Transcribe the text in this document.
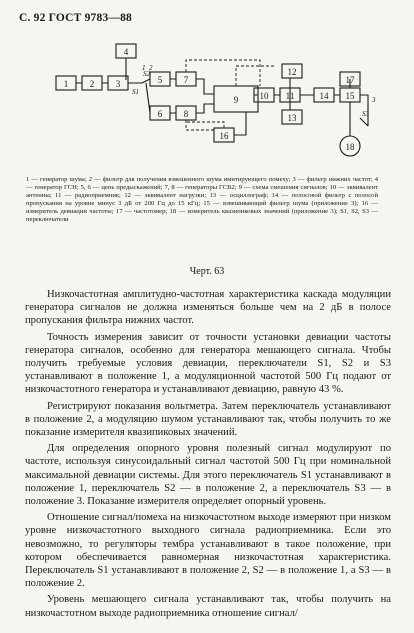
С. 92 ГОСТ 9783—88
1 2 3
4
5
6
7
8
9 10 11
12
13
14 15
16
17
18
S1
S2
S3
1 2
3

1 — генератор шума; 2 — фильтр для получения взвешенного шума имитирующего помеху; 3 — фильтр нижних частот; 4 — генератор ГСН; 5, 6 — цепь предыскажений; 7, 8 — генераторы ГСВ2; 9 — схема смешения сигналов; 10 — эквивалент антенны; 11 — радиоприемник; 12 — эквивалент нагрузки; 13 — осциллограф; 14 — полосовой фильтр с полосой пропускания на уровне минус 3 дБ от 200 Гц до 15 кГц; 15 — взвешивающий фильтр шума (приложение 3); 16 — измеритель девиации частоты; 17 — частотомер; 18 — измеритель квазипиковых значений (приложение 3); S1, S2, S3 — переключатели

Черт. 63

Низкочастотная амплитудно-частотная характеристика каскада модуляции генератора сигналов не должна изменяться больше чем на 2 дБ в полосе пропускания фильтра нижних частот.

Точность измерения зависит от точности установки девиации частоты генератора сигналов, особенно для генератора мешающего сигнала. Чтобы получить требуемые условия девиации, переключатели S1, S2 и S3 устанавливают в положение 1, а модуляционной частотой 500 Гц подают от низкочастотного генератора и устанавливают девиацию, равную 43 %.

Регистрируют показания вольтметра. Затем переключатель устанавливают в положение 2, а модуляцию шумом устанавливают так, чтобы получить то же показание измерителя квазипиковых значений.

Для определения опорного уровня полезный сигнал модулируют по частоте, используя синусоидальный сигнал частотой 500 Гц при номинальной максимальной девиации системы. Для этого переключатель S1 устанавливают в положение 1, переключатель S2 — в положение 2, а переключатель S3 — в положение 3. Показание измерителя определяет опорный уровень.

Отношение сигнал/помеха на низкочастотном выходе измеряют при низком уровне низкочастотного выходного сигнала радиоприемника. Если это невозможно, то регуляторы тембра устанавливают в такое положение, при котором обеспечивается равномерная низкочастотная характеристика. Переключатель S1 устанавливают в положение 2, S2 — в положение 1, а S3 — в положение 2.

Уровень мешающего сигнала устанавливают так, чтобы получить на низкочастотном выходе радиоприемника отношение сигнал/
